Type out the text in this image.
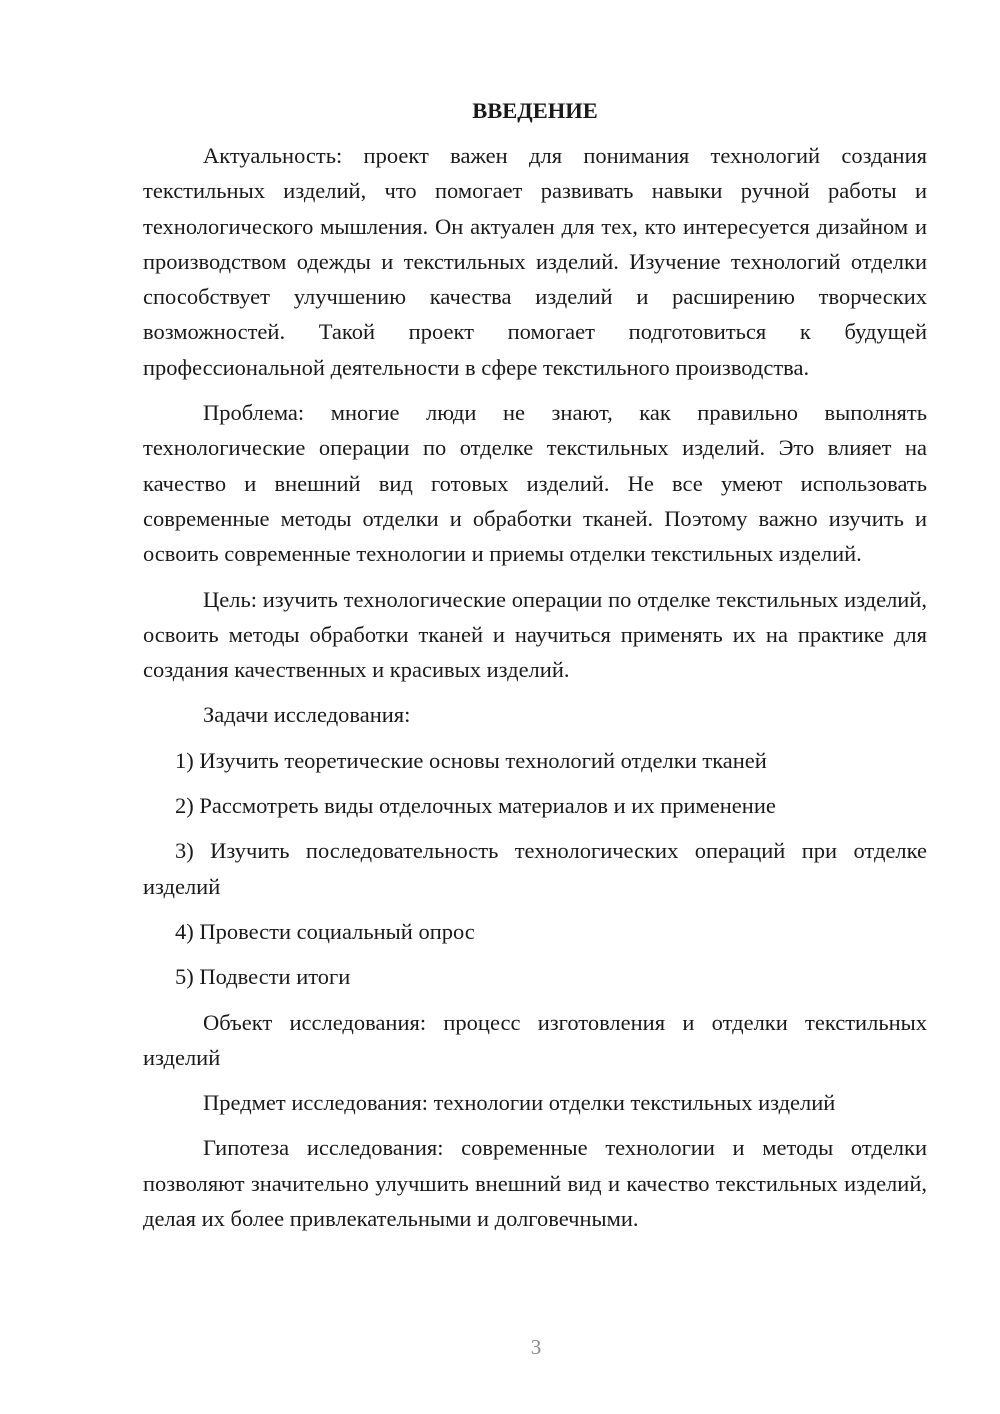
ВВЕДЕНИЕ

Актуальность: проект важен для понимания технологий создания текстильных изделий, что помогает развивать навыки ручной работы и технологического мышления. Он актуален для тех, кто интересуется дизайном и производством одежды и текстильных изделий. Изучение технологий отделки способствует улучшению качества изделий и расширению творческих возможностей. Такой проект помогает подготовиться к будущей профессиональной деятельности в сфере текстильного производства.

Проблема: многие люди не знают, как правильно выполнять технологические операции по отделке текстильных изделий. Это влияет на качество и внешний вид готовых изделий. Не все умеют использовать современные методы отделки и обработки тканей. Поэтому важно изучить и освоить современные технологии и приемы отделки текстильных изделий.

Цель: изучить технологические операции по отделке текстильных изделий, освоить методы обработки тканей и научиться применять их на практике для создания качественных и красивых изделий.

Задачи исследования:

1) Изучить теоретические основы технологий отделки тканей

2) Рассмотреть виды отделочных материалов и их применение

3) Изучить последовательность технологических операций при отделке изделий

4) Провести социальный опрос

5) Подвести итоги

Объект исследования: процесс изготовления и отделки текстильных изделий

Предмет исследования: технологии отделки текстильных изделий

Гипотеза исследования: современные технологии и методы отделки позволяют значительно улучшить внешний вид и качество текстильных изделий, делая их более привлекательными и долговечными.

3
